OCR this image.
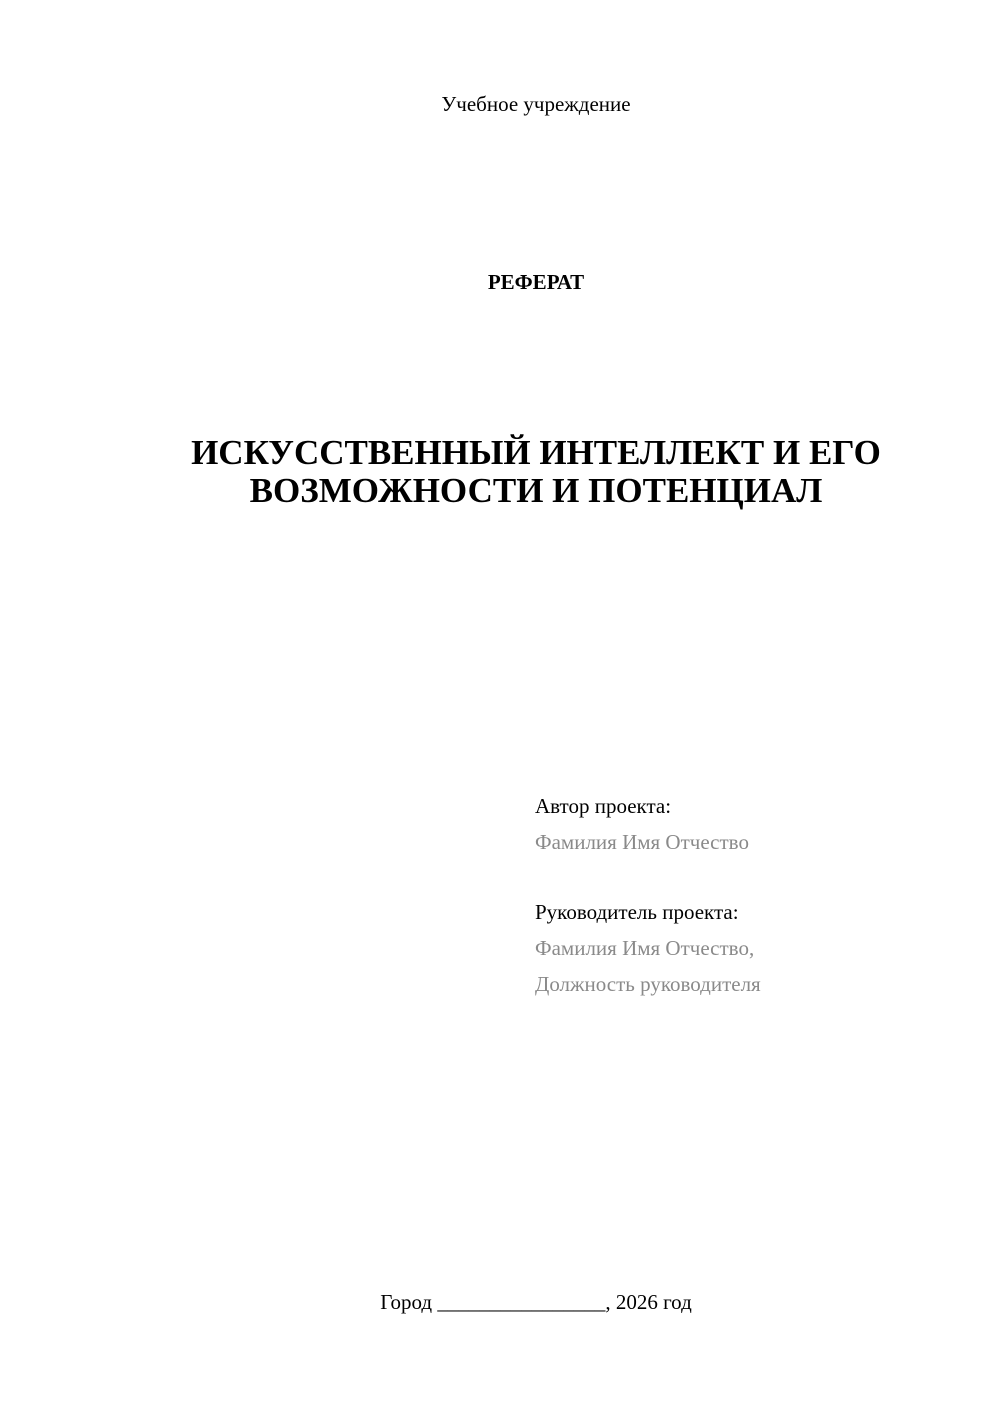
Учебное учреждение
РЕФЕРАТ
ИСКУССТВЕННЫЙ ИНТЕЛЛЕКТ И ЕГО
ВОЗМОЖНОСТИ И ПОТЕНЦИАЛ
Автор проекта:
Фамилия Имя Отчество
Руководитель проекта:
Фамилия Имя Отчество,
Должность руководителя
Город ________________, 2026 год
